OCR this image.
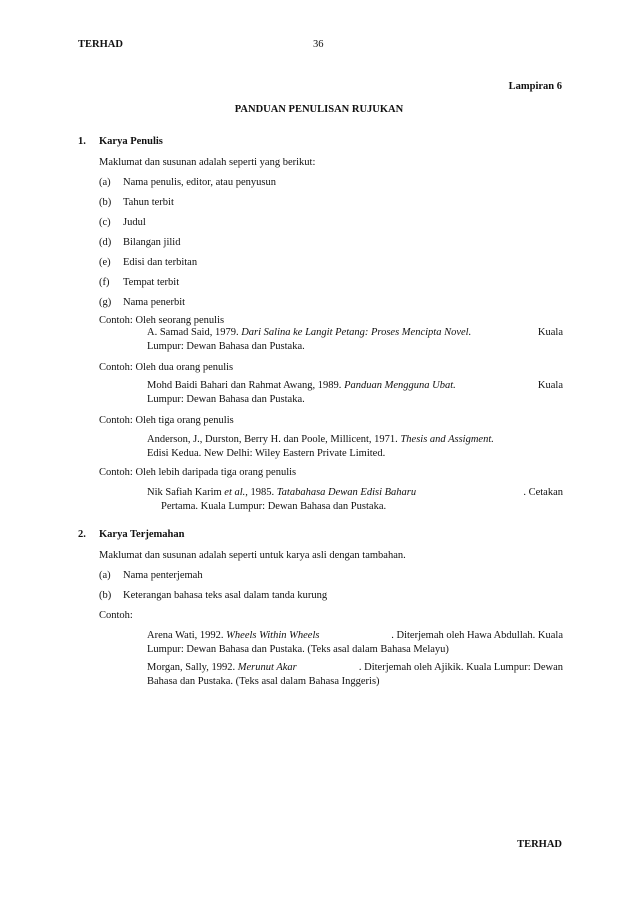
TERHAD	36
Lampiran 6
PANDUAN PENULISAN RUJUKAN
1. Karya Penulis
Maklumat dan susunan adalah seperti yang berikut:
(a) Nama penulis, editor, atau penyusun
(b) Tahun terbit
(c) Judul
(d) Bilangan jilid
(e) Edisi dan terbitan
(f) Tempat terbit
(g) Nama penerbit
Contoh: Oleh seorang penulis
A. Samad Said, 1979. Dari Salina ke Langit Petang: Proses Mencipta Novel.	Kuala
Lumpur: Dewan Bahasa dan Pustaka.
Contoh: Oleh dua orang penulis
Mohd Baidi Bahari dan Rahmat Awang, 1989. Panduan Mengguna Ubat.	Kuala
Lumpur: Dewan Bahasa dan Pustaka.
Contoh: Oleh tiga orang penulis
Anderson, J., Durston, Berry H. dan Poole, Millicent, 1971. Thesis and Assigment.
Edisi Kedua. New Delhi: Wiley Eastern Private Limited.
Contoh: Oleh lebih daripada tiga orang penulis
Nik Safiah Karim et al., 1985. Tatabahasa Dewan Edisi Baharu	. Cetakan
Pertama. Kuala Lumpur: Dewan Bahasa dan Pustaka.
2. Karya Terjemahan
Maklumat dan susunan adalah seperti untuk karya asli dengan tambahan.
(a) Nama penterjemah
(b) Keterangan bahasa teks asal dalam tanda kurung
Contoh:
Arena Wati, 1992. Wheels Within Wheels	. Diterjemah oleh Hawa Abdullah. Kuala
Lumpur: Dewan Bahasa dan Pustaka. (Teks asal dalam Bahasa Melayu)
Morgan, Sally, 1992. Merunut Akar	. Diterjemah oleh Ajikik. Kuala Lumpur: Dewan
Bahasa dan Pustaka. (Teks asal dalam Bahasa Inggeris)
TERHAD
